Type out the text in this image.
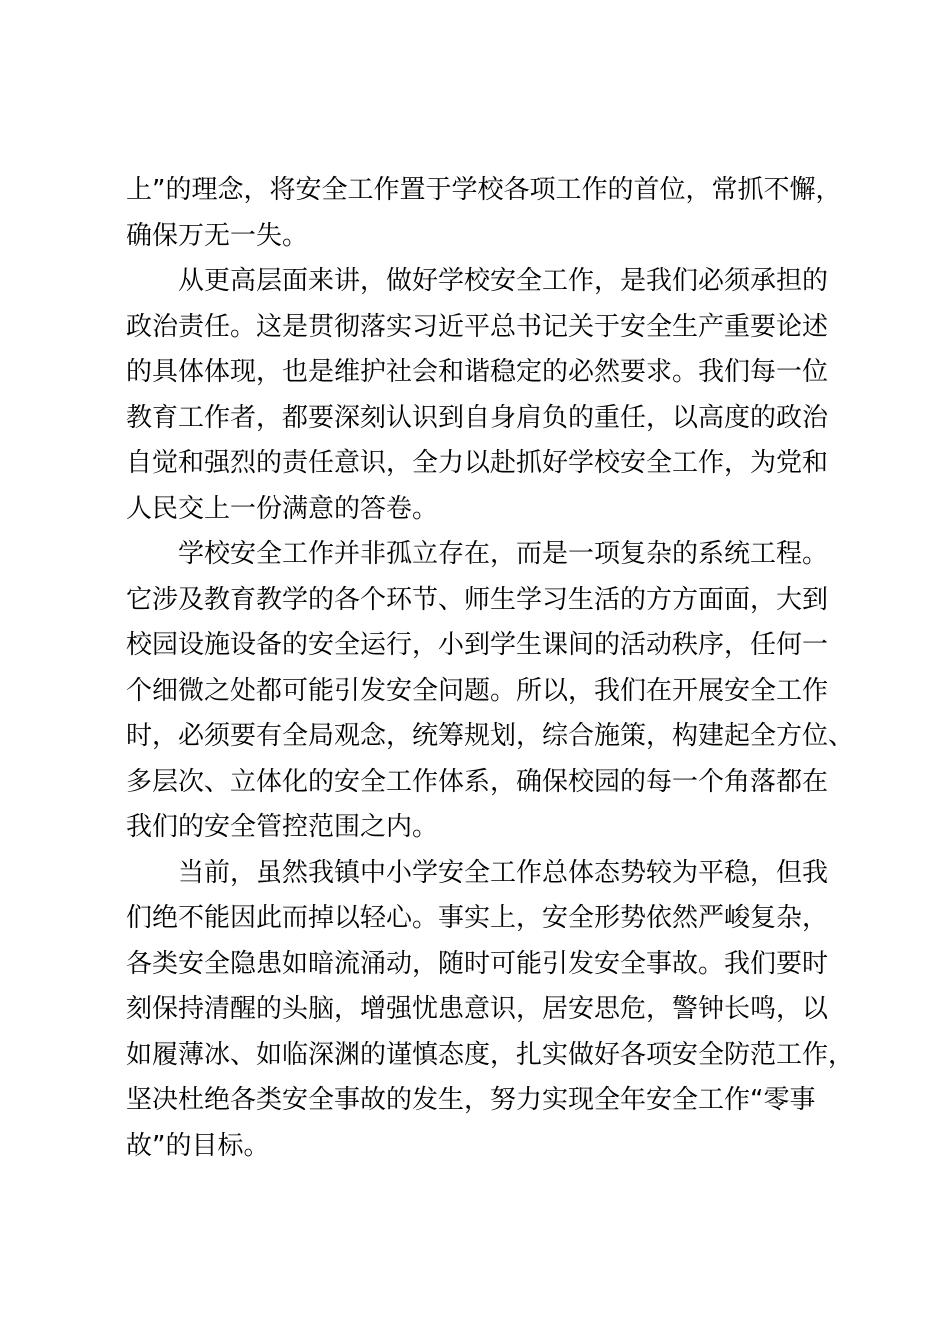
上”的理念，将安全工作置于学校各项工作的首位，常抓不懈，
确保万无一失。
从更高层面来讲，做好学校安全工作，是我们必须承担的
政治责任。这是贯彻落实习近平总书记关于安全生产重要论述
的具体体现，也是维护社会和谐稳定的必然要求。我们每一位
教育工作者，都要深刻认识到自身肩负的重任，以高度的政治
自觉和强烈的责任意识，全力以赴抓好学校安全工作，为党和
人民交上一份满意的答卷。
学校安全工作并非孤立存在，而是一项复杂的系统工程。
它涉及教育教学的各个环节、师生学习生活的方方面面，大到
校园设施设备的安全运行，小到学生课间的活动秩序，任何一
个细微之处都可能引发安全问题。所以，我们在开展安全工作
时，必须要有全局观念，统筹规划，综合施策，构建起全方位、
多层次、立体化的安全工作体系，确保校园的每一个角落都在
我们的安全管控范围之内。
当前，虽然我镇中小学安全工作总体态势较为平稳，但我
们绝不能因此而掉以轻心。事实上，安全形势依然严峻复杂，
各类安全隐患如暗流涌动，随时可能引发安全事故。我们要时
刻保持清醒的头脑，增强忧患意识，居安思危，警钟长鸣，以
如履薄冰、如临深渊的谨慎态度，扎实做好各项安全防范工作，
坚决杜绝各类安全事故的发生，努力实现全年安全工作“零事
故”的目标。
